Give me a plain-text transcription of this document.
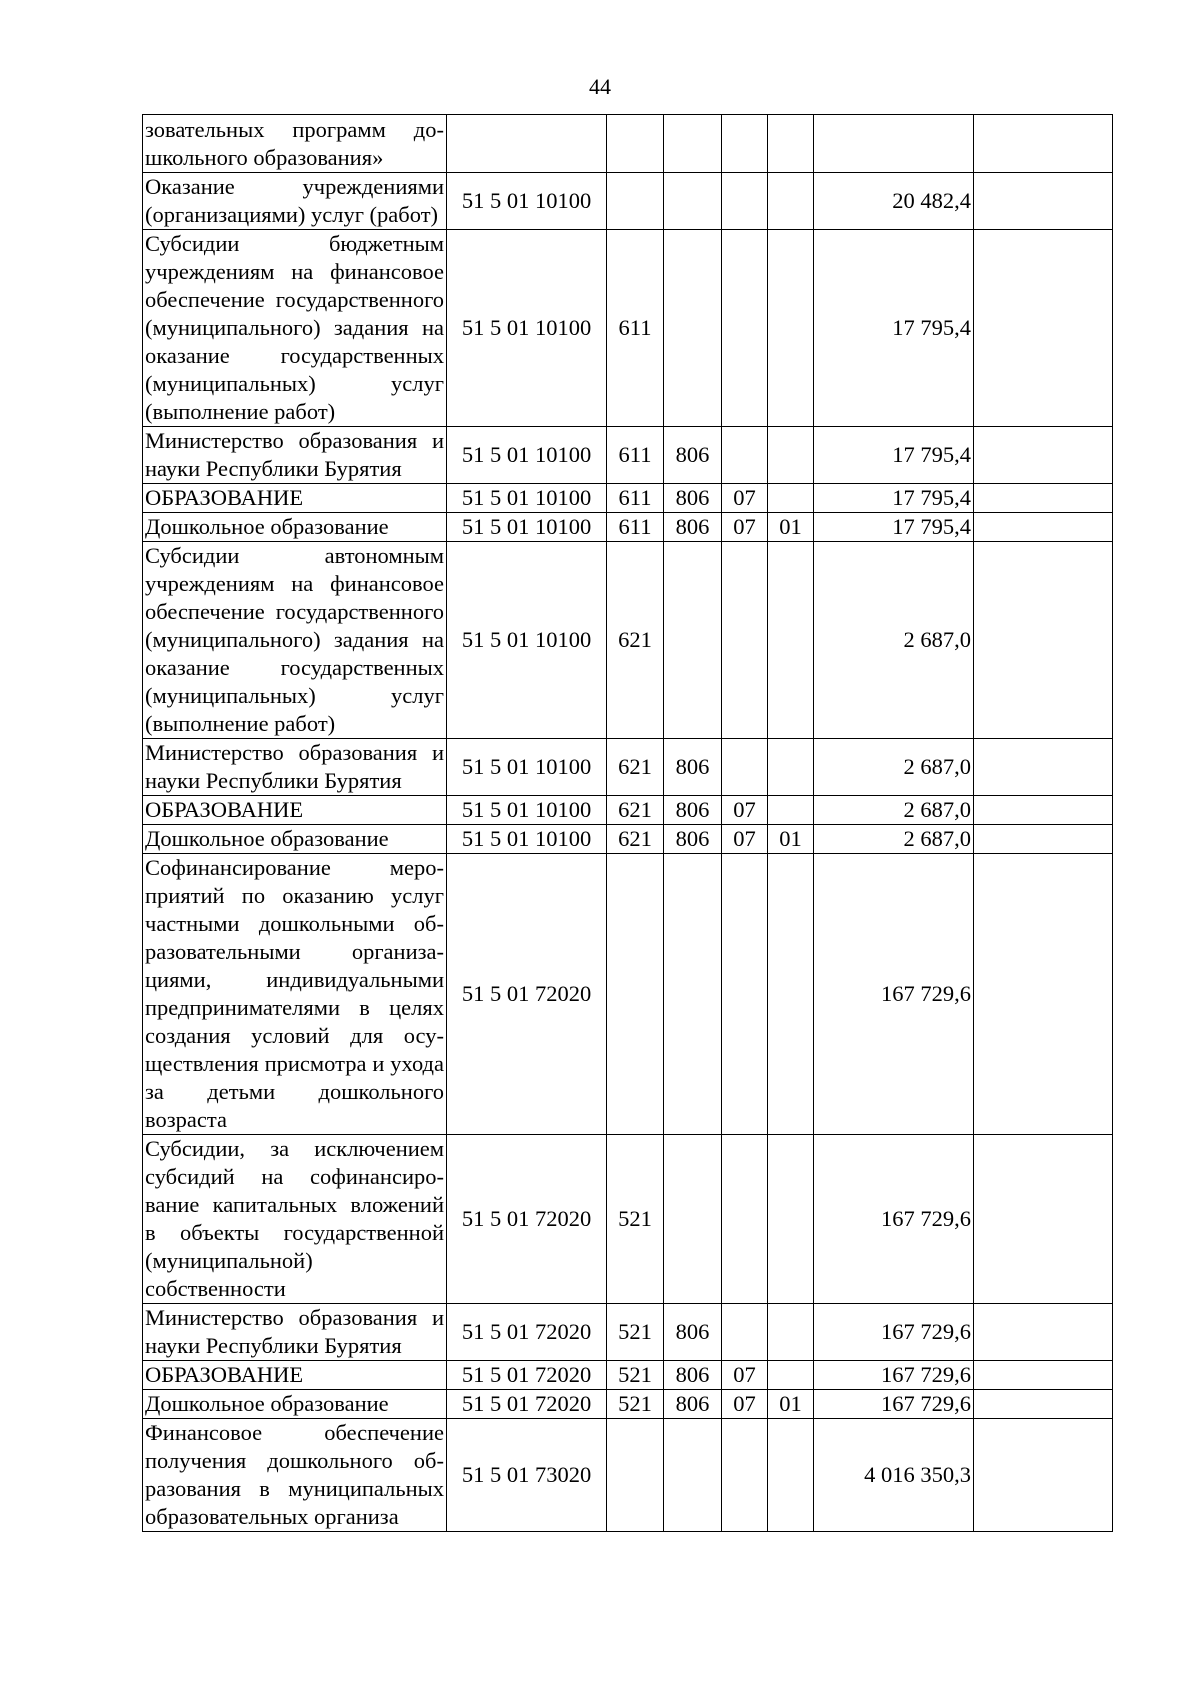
44
зовательных программ дошкольного образования»							
Оказание учреждениями (организациями) услуг (работ)	51 5 01 10100					20 482,4	
Субсидии бюджетным учреждениям на финансовое обеспечение государственного (муниципального) задания на оказание государственных (муниципальных) услуг (выполнение работ)	51 5 01 10100	611				17 795,4	
Министерство образования и науки Республики Бурятия	51 5 01 10100	611	806			17 795,4	
ОБРАЗОВАНИЕ	51 5 01 10100	611	806	07		17 795,4	
Дошкольное образование	51 5 01 10100	611	806	07	01	17 795,4	
Субсидии автономным учреждениям на финансовое обеспечение государственного (муниципального) задания на оказание государственных (муниципальных) услуг (выполнение работ)	51 5 01 10100	621				2 687,0	
Министерство образования и науки Республики Бурятия	51 5 01 10100	621	806			2 687,0	
ОБРАЗОВАНИЕ	51 5 01 10100	621	806	07		2 687,0	
Дошкольное образование	51 5 01 10100	621	806	07	01	2 687,0	
Софинансирование мероприятий по оказанию услуг частными дошкольными образовательными организациями, индивидуальными предпринимателями в целях создания условий для осуществления присмотра и ухода за детьми дошкольного возраста	51 5 01 72020					167 729,6	
Субсидии, за исключением субсидий на софинансирование капитальных вложений в объекты государственной (муниципальной) собственности	51 5 01 72020	521				167 729,6	
Министерство образования и науки Республики Бурятия	51 5 01 72020	521	806			167 729,6	
ОБРАЗОВАНИЕ	51 5 01 72020	521	806	07		167 729,6	
Дошкольное образование	51 5 01 72020	521	806	07	01	167 729,6	
Финансовое обеспечение получения дошкольного образования в муниципальных образовательных организа	51 5 01 73020					4 016 350,3	
